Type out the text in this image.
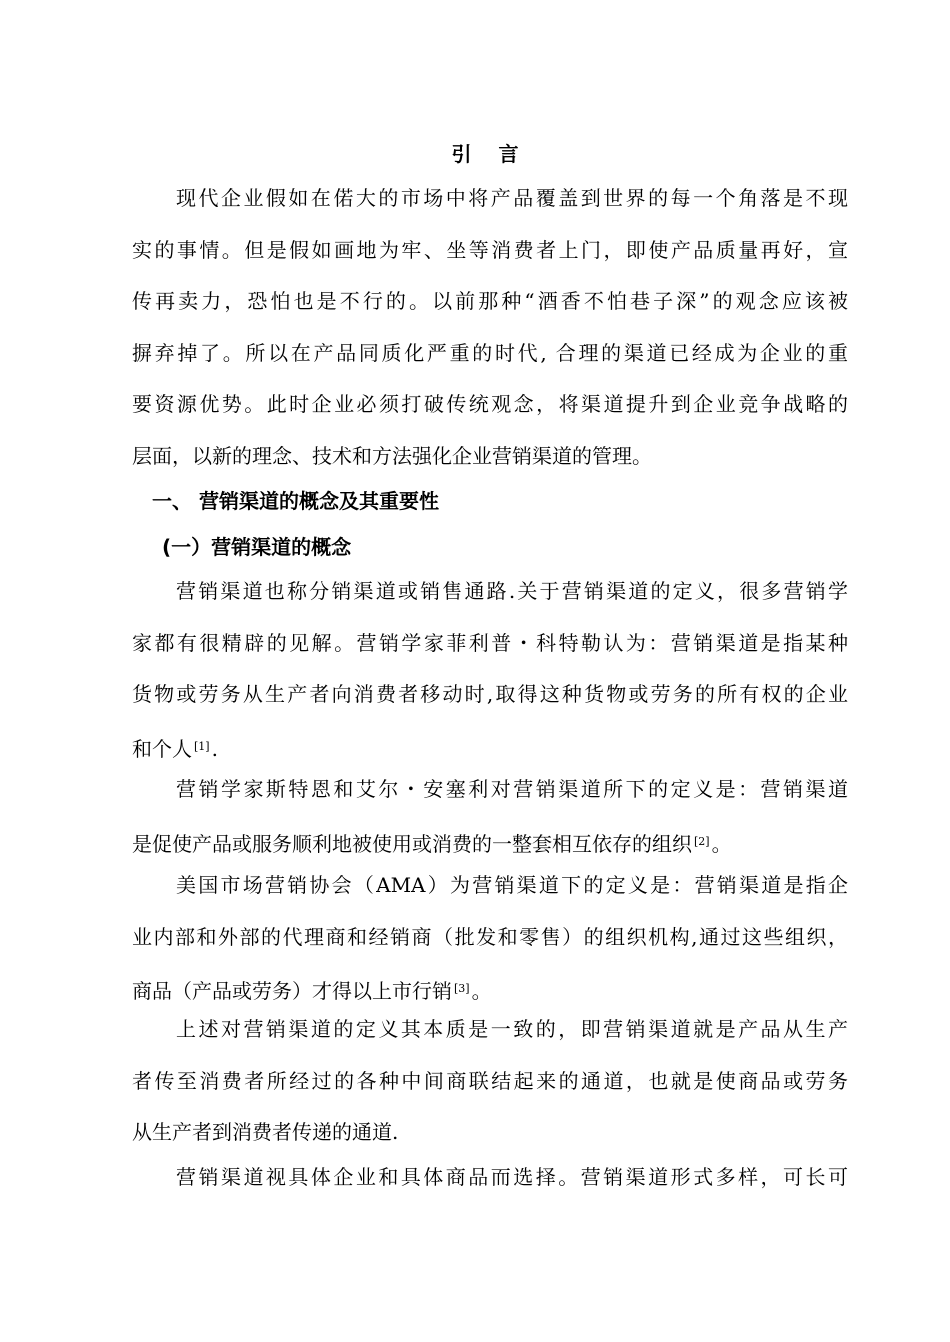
引 言
现代企业假如在偌大的市场中将产品覆盖到世界的每一个角落是不现
实的事情。但是假如画地为牢、坐等消费者上门，即使产品质量再好，宣
传再卖力，恐怕也是不行的。以前那种“酒香不怕巷子深”的观念应该被
摒弃掉了。所以在产品同质化严重的时代, 合理的渠道已经成为企业的重
要资源优势。此时企业必须打破传统观念，将渠道提升到企业竞争战略的
层面，以新的理念、技术和方法强化企业营销渠道的管理。
一、 营销渠道的概念及其重要性
(一）营销渠道的概念
营销渠道也称分销渠道或销售通路.关于营销渠道的定义，很多营销学
家都有很精辟的见解。营销学家菲利普・科特勒认为：营销渠道是指某种
货物或劳务从生产者向消费者移动时,取得这种货物或劳务的所有权的企业
和个人 [1] .
营销学家斯特恩和艾尔・安塞利对营销渠道所下的定义是：营销渠道
是促使产品或服务顺利地被使用或消费的一整套相互依存的组织 [2] 。
美国市场营销协会（AMA）为营销渠道下的定义是：营销渠道是指企
业内部和外部的代理商和经销商（批发和零售）的组织机构,通过这些组织，
商品（产品或劳务）才得以上市行销 [3] 。
上述对营销渠道的定义其本质是一致的，即营销渠道就是产品从生产
者传至消费者所经过的各种中间商联结起来的通道，也就是使商品或劳务
从生产者到消费者传递的通道.
营销渠道视具体企业和具体商品而选择。营销渠道形式多样，可长可
